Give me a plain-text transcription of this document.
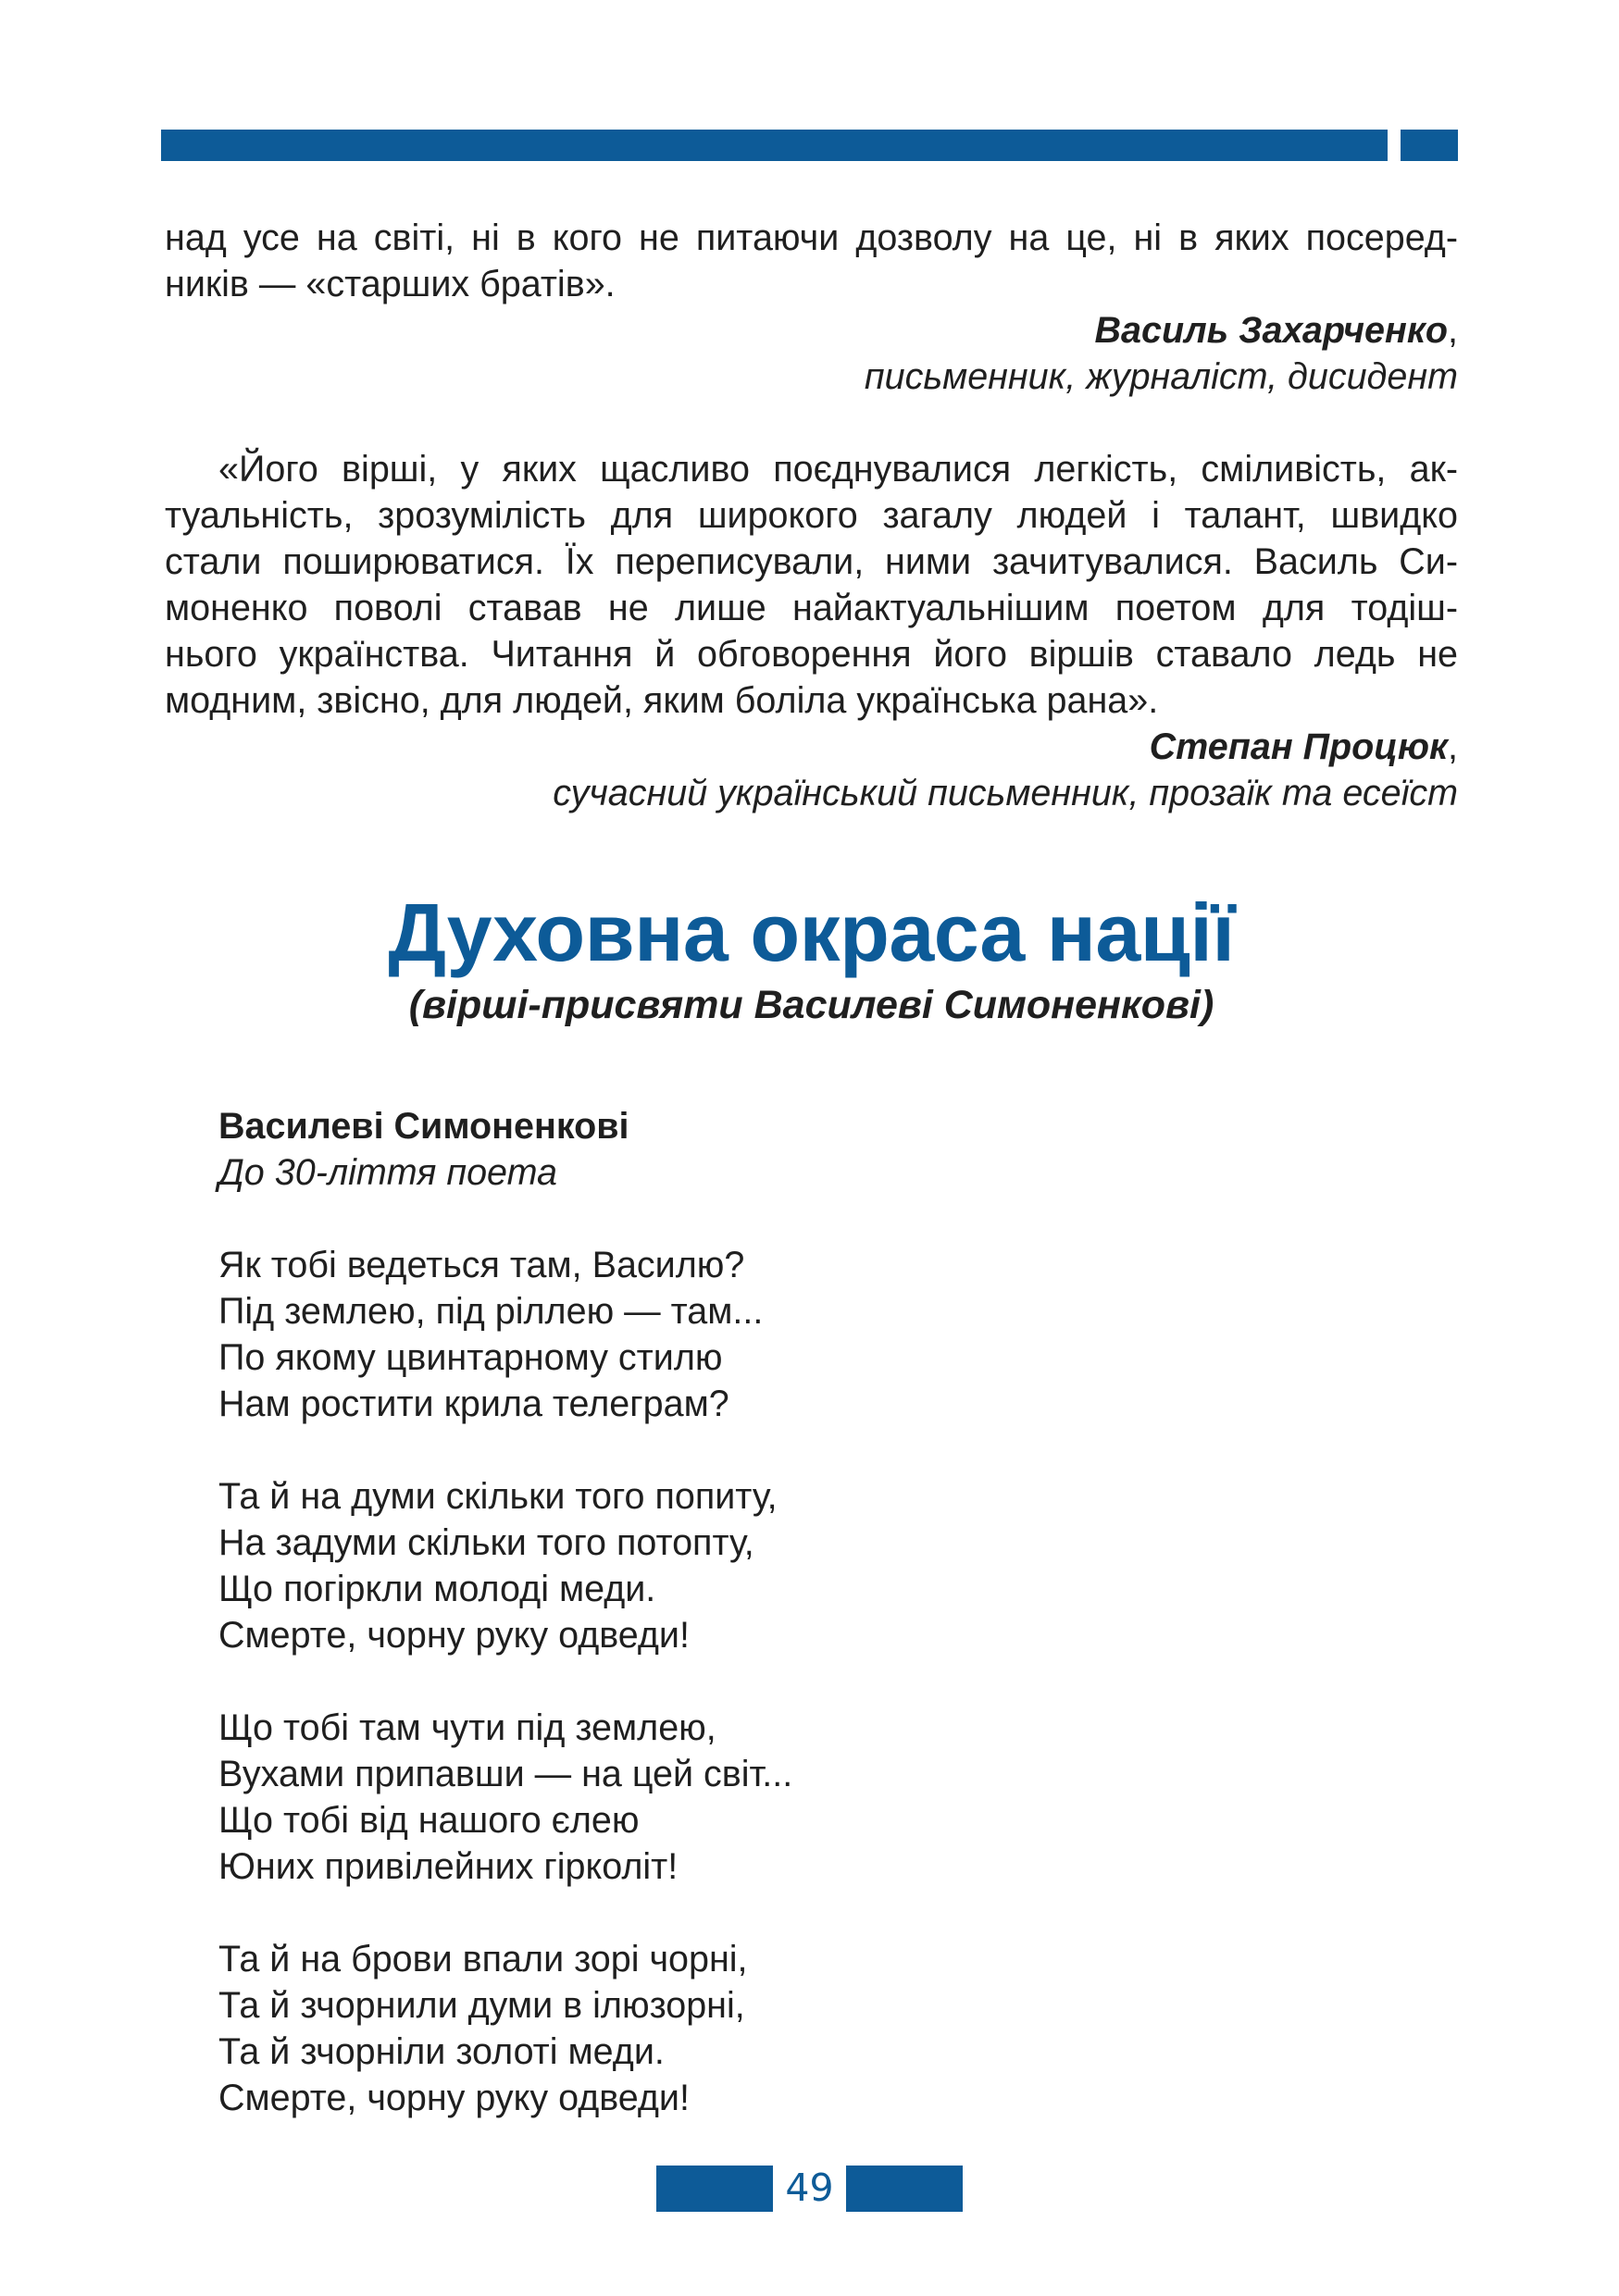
над усе на світі, ні в кого не питаючи дозволу на це, ні в яких посеред-
ників — «старших братів».

Василь Захарченко,

письменник, журналіст, дисидент

«Його вірші, у яких щасливо поєднувалися легкість, сміливість, ак-
туальність, зрозумілість для широкого загалу людей і талант, швидко
стали поширюватися. Їх переписували, ними зачитувалися. Василь Си-
моненко поволі ставав не лише найактуальнішим поетом для тодіш-
нього українства. Читання й обговорення його віршів ставало ледь не
модним, звісно, для людей, яким боліла українська рана».

Степан Процюк,

сучасний український письменник, прозаїк та есеїст

Духовна окраса нації

(вірші-присвяти Василеві Симоненкові)

Василеві Симоненкові

До 30-ліття поета

Як тобі ведеться там, Василю?
Під землею, під ріллею — там...
По якому цвинтарному стилю
Нам ростити крила телеграм?
Та й на думи скільки того попиту,
На задуми скільки того потопту,
Що погіркли молоді меди.
Смерте, чорну руку одведи!
Що тобі там чути під землею,
Вухами припавши — на цей світ...
Що тобі від нашого єлею
Юних привілейних гірколіт!
Та й на брови впали зорі чорні,
Та й зчорнили думи в ілюзорні,
Та й зчорніли золоті меди.
Смерте, чорну руку одведи!
49
